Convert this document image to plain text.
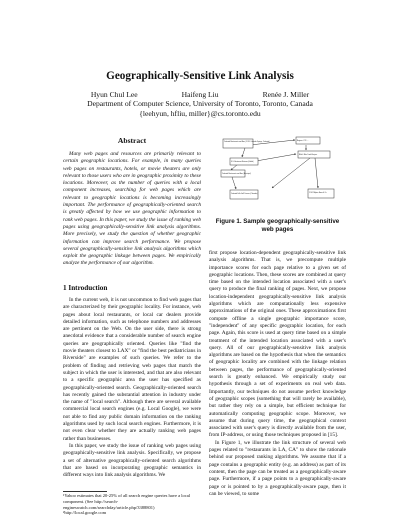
Geographically-Sensitive Link Analysis
Hyun Chul Lee	Haifeng Liu	Renée J. Miller
Department of Computer Science, University of Toronto, Toronto, Canada
{leehyun, hfliu, miller}@cs.toronto.edu
Abstract
Many web pages and resources are primarily relevant to certain geographic locations. For example, in many queries web pages on restaurants, hotels, or movie theaters are only relevant to those users who are in geographic proximity to these locations. Moreover, as the number of queries with a local component increases, searching for web pages which are relevant to geographic locations is becoming increasingly important. The performance of geographically-oriented search is greatly affected by how we use geographic information to rank web pages. In this paper, we study the issue of ranking web pages using geographically-sensitive link analysis algorithms. More precisely, we study the question of whether geographic information can improve search performance. We propose several geographically-sensitive link analysis algorithms which exploit the geographic linkage between pages. We empirically analyze the performance of our algorithm.
1 Introduction

In the current web, it is not uncommon to find web pages that are characterized by their geographic locality. For instance, web pages about local restaurants, or local car dealers provide detailed information, such as telephone numbers and addresses are pertinent on the Web. On the user side, there is strong anecdotal evidence that a considerable number of search engine queries are geographically oriented. Queries like "find the movie theaters closest to LAX" or "find the best pediatricians in Riverside" are examples of such queries. We refer to the problem of finding and retrieving web pages that match the subject in which the user is interested, and that are also relevant to a specific geographic area the user has specified as geographically-oriented search. Geographically-oriented search has recently gained the substantial attention in industry under the name of "local search". Although there are several available commercial local search engines (e.g. Local Google), we were not able to find any public domain information on the ranking algorithms used by such local search engines. Furthermore, it is not even clear whether they are actually ranking web pages rather than businesses.

In this paper, we study the issue of ranking web pages using geographically-sensitive link analysis. Specifically, we propose a set of alternative geographically-oriented search algorithms that are based on incorporating geographic semantics in different ways into link analysis algorithms. We

¹Yahoo estimates that 20-25% of all search engine queries have a local component. (See http://search-engineswatch.com/searchday/article.php/3388801)
²http://local.google.com
Colorado Restaurants and Bars (12.8.1 Colorado Springs, Colorado)
Regions / CO / ...
U.S. Restaurant Reviews (Global)
Rifle & Blue Creek Recipes
Colorado Restaurants and Bars (Municipal)
Colorado Falls Golf Courses (Colorado)
CO/CO Alpine Bears & Co
Figure 1. Sample geographically-sensitive web pages

first propose location-dependent geographically-sensitive link analysis algorithms. That is, we precompute multiple importance scores for each page relative to a given set of geographic locations. Then, these scores are combined at query time based on the intended location associated with a user's query to produce the final ranking of pages. Next, we propose location-independent geographically-sensitive link analysis algorithms which are computationally less expensive approximations of the original ones. These approximations first compute offline a single geographic importance score, "independent" of any specific geographic location, for each page. Again, this score is used at query time based on a simple treatment of the intended location associated with a user's query. All of our geographically-sensitive link analysis algorithms are based on the hypothesis that when the semantics of geographic locality are combined with the linkage relation between pages, the performance of geographically-oriented search is greatly enhanced. We empirically study our hypothesis through a set of experiments on real web data. Importantly, our techniques do not assume perfect knowledge of geographic scopes (something that will rarely be available), but rather they rely on a simple, but efficient technique for automatically computing geographic scope. Moreover, we assume that during query time, the geographical context associated with user's query is directly available from the user, from IP-address, or using those techniques proposed in [15].

In Figure 1, we illustrate the link structure of several web pages related to "restaurants in LA, CA" to show the rationale behind our proposed ranking algorithms. We assume that if a page contains a geographic entity (e.g. an address) as part of its content, then the page can be treated as a geographically-aware page. Furthermore, if a page points to a geographically-aware page or is pointed to by a geographically-aware page, then it can be viewed, to some
